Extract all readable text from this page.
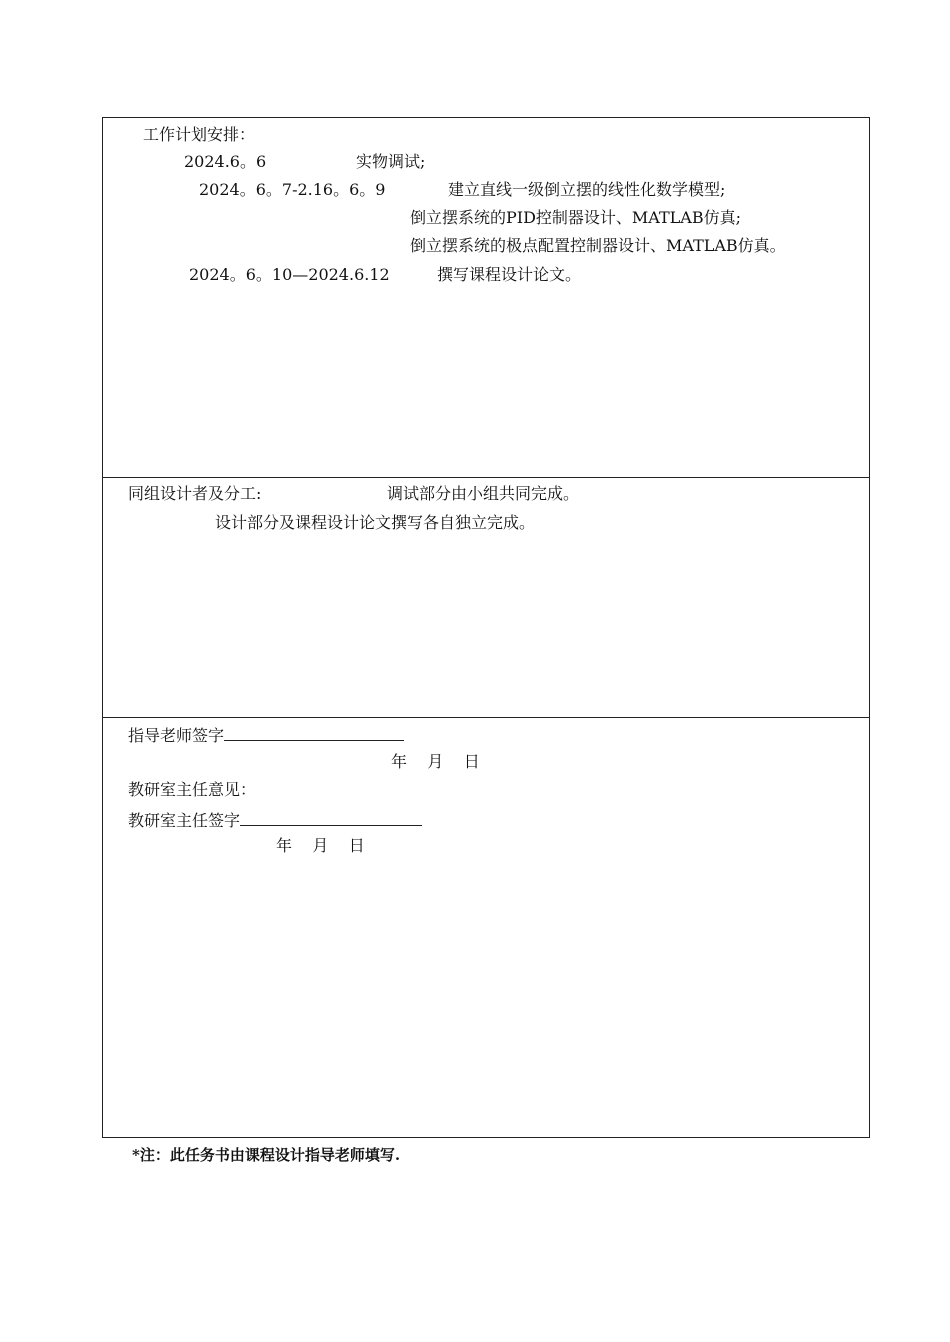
工作计划安排：
2024.6。6	实物调试;
2024。6。7-2.16。6。9	建立直线一级倒立摆的线性化数学模型;
倒立摆系统的PID控制器设计、MATLAB仿真;
倒立摆系统的极点配置控制器设计、MATLAB仿真。
2024。6。10—2024.6.12	撰写课程设计论文。
同组设计者及分工:	调试部分由小组共同完成。
设计部分及课程设计论文撰写各自独立完成。
指导老师签字
年    月    日
教研室主任意见：
教研室主任签字
年    月    日
*注：此任务书由课程设计指导老师填写.
